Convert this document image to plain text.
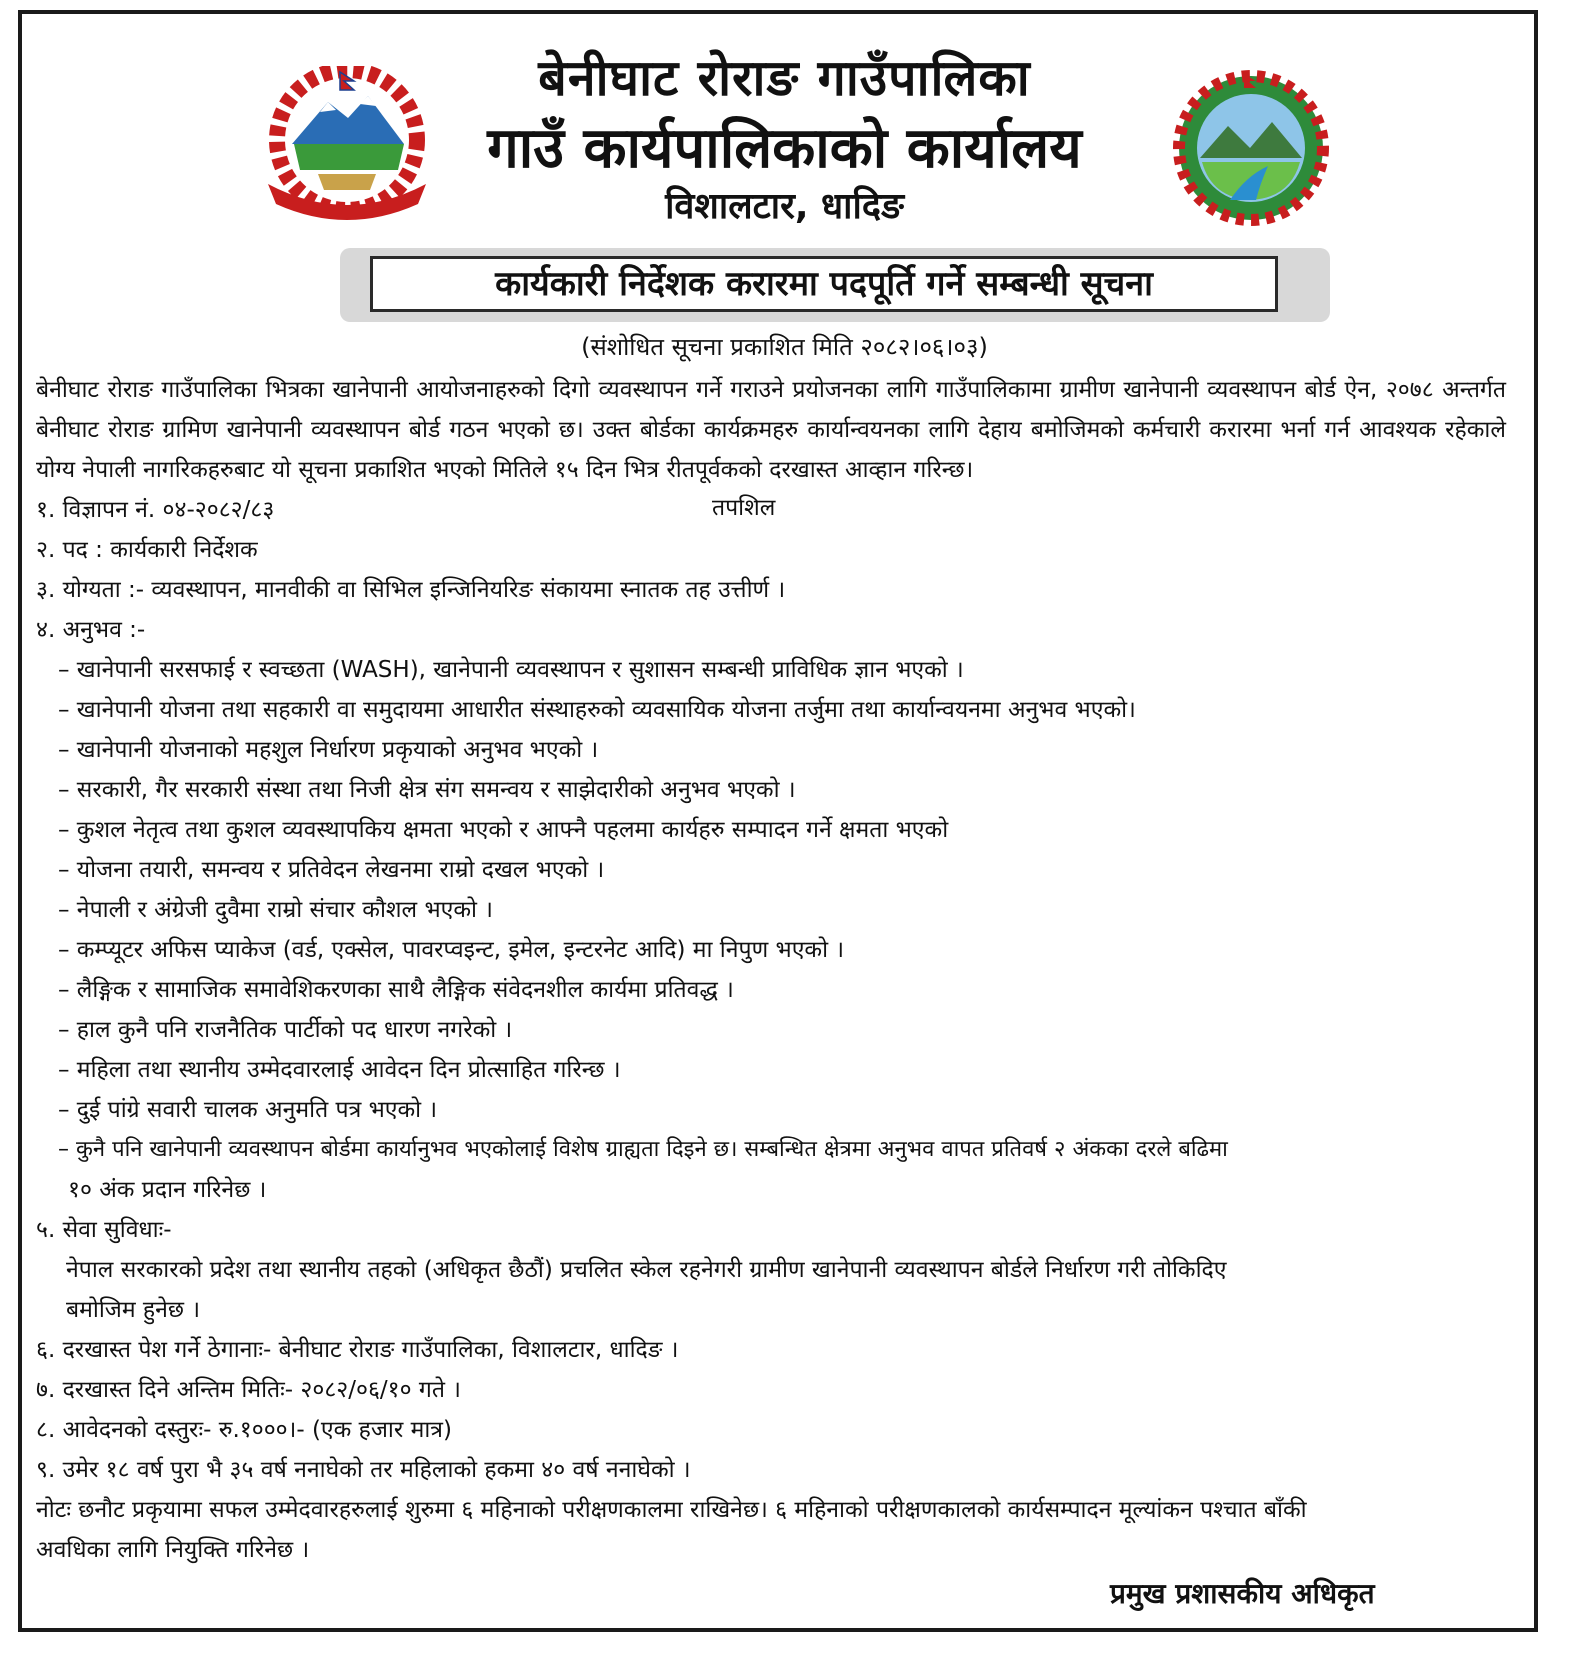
बेनीघाट रोराङ गाउँपालिका
गाउँ कार्यपालिकाको कार्यालय
विशालटार, धादिङ
कार्यकारी निर्देशक करारमा पदपूर्ति गर्ने सम्बन्धी सूचना
(संशोधित सूचना प्रकाशित मिति २०८२।०६।०३)
बेनीघाट रोराङ गाउँपालिका भित्रका खानेपानी आयोजनाहरुको दिगो व्यवस्थापन गर्ने गराउने प्रयोजनका लागि गाउँपालिकामा ग्रामीण खानेपानी व्यवस्थापन बोर्ड ऐन, २०७८ अन्तर्गत बेनीघाट रोराङ ग्रामिण खानेपानी व्यवस्थापन बोर्ड गठन भएको छ। उक्त बोर्डका कार्यक्रमहरु कार्यान्वयनका लागि देहाय बमोजिमको कर्मचारी करारमा भर्ना गर्न आवश्यक रहेकाले योग्य नेपाली नागरिकहरुबाट यो सूचना प्रकाशित भएको मितिले १५ दिन भित्र रीतपूर्वकको दरखास्त आव्हान गरिन्छ।
१. विज्ञापन नं. ०४-२०८२/८३
२. पद : कार्यकारी निर्देशक
३. योग्यता :- व्यवस्थापन, मानवीकी वा सिभिल इन्जिनियरिङ संकायमा स्नातक तह उत्तीर्ण ।
४. अनुभव :-
– खानेपानी सरसफाई र स्वच्छता (WASH), खानेपानी व्यवस्थापन र सुशासन सम्बन्धी प्राविधिक ज्ञान भएको ।
– खानेपानी योजना तथा सहकारी वा समुदायमा आधारीत संस्थाहरुको व्यवसायिक योजना तर्जुमा तथा कार्यान्वयनमा अनुभव भएको।
– खानेपानी योजनाको महशुल निर्धारण प्रकृयाको अनुभव भएको ।
– सरकारी, गैर सरकारी संस्था तथा निजी क्षेत्र संग समन्वय र साझेदारीको अनुभव भएको ।
– कुशल नेतृत्व तथा कुशल व्यवस्थापकिय क्षमता भएको र आफ्नै पहलमा कार्यहरु सम्पादन गर्ने क्षमता भएको
– योजना तयारी, समन्वय र प्रतिवेदन लेखनमा राम्रो दखल भएको ।
– नेपाली र अंग्रेजी दुवैमा राम्रो संचार कौशल भएको ।
– कम्प्यूटर अफिस प्याकेज (वर्ड, एक्सेल, पावरप्वइन्ट, इमेल, इन्टरनेट आदि) मा निपुण भएको ।
– लैङ्गिक र सामाजिक समावेशिकरणका साथै लैङ्गिक संवेदनशील कार्यमा प्रतिवद्ध ।
– हाल कुनै पनि राजनैतिक पार्टीको पद धारण नगरेको ।
– महिला तथा स्थानीय उम्मेदवारलाई आवेदन दिन प्रोत्साहित गरिन्छ ।
– दुई पांग्रे सवारी चालक अनुमति पत्र भएको ।
– कुनै पनि खानेपानी व्यवस्थापन बोर्डमा कार्यानुभव भएकोलाई विशेष ग्राह्यता दिइने छ। सम्बन्धित क्षेत्रमा अनुभव वापत प्रतिवर्ष २ अंकका दरले बढिमा
१० अंक प्रदान गरिनेछ ।
५. सेवा सुविधाः-
नेपाल सरकारको प्रदेश तथा स्थानीय तहको (अधिकृत छैठौं) प्रचलित स्केल रहनेगरी ग्रामीण खानेपानी व्यवस्थापन बोर्डले निर्धारण गरी तोकिदिए
बमोजिम हुनेछ ।
६. दरखास्त पेश गर्ने ठेगानाः- बेनीघाट रोराङ गाउँपालिका, विशालटार, धादिङ ।
७. दरखास्त दिने अन्तिम मितिः- २०८२/०६/१० गते ।
८. आवेदनको दस्तुरः- रु.१०००।- (एक हजार मात्र)
९. उमेर १८ वर्ष पुरा भै ३५ वर्ष ननाघेको तर महिलाको हकमा ४० वर्ष ननाघेको ।
नोटः छनौट प्रकृयामा सफल उम्मेदवारहरुलाई शुरुमा ६ महिनाको परीक्षणकालमा राखिनेछ। ६ महिनाको परीक्षणकालको कार्यसम्पादन मूल्यांकन पश्चात बाँकी
अवधिका लागि नियुक्ति गरिनेछ ।
तपशिल
प्रमुख प्रशासकीय अधिकृत
